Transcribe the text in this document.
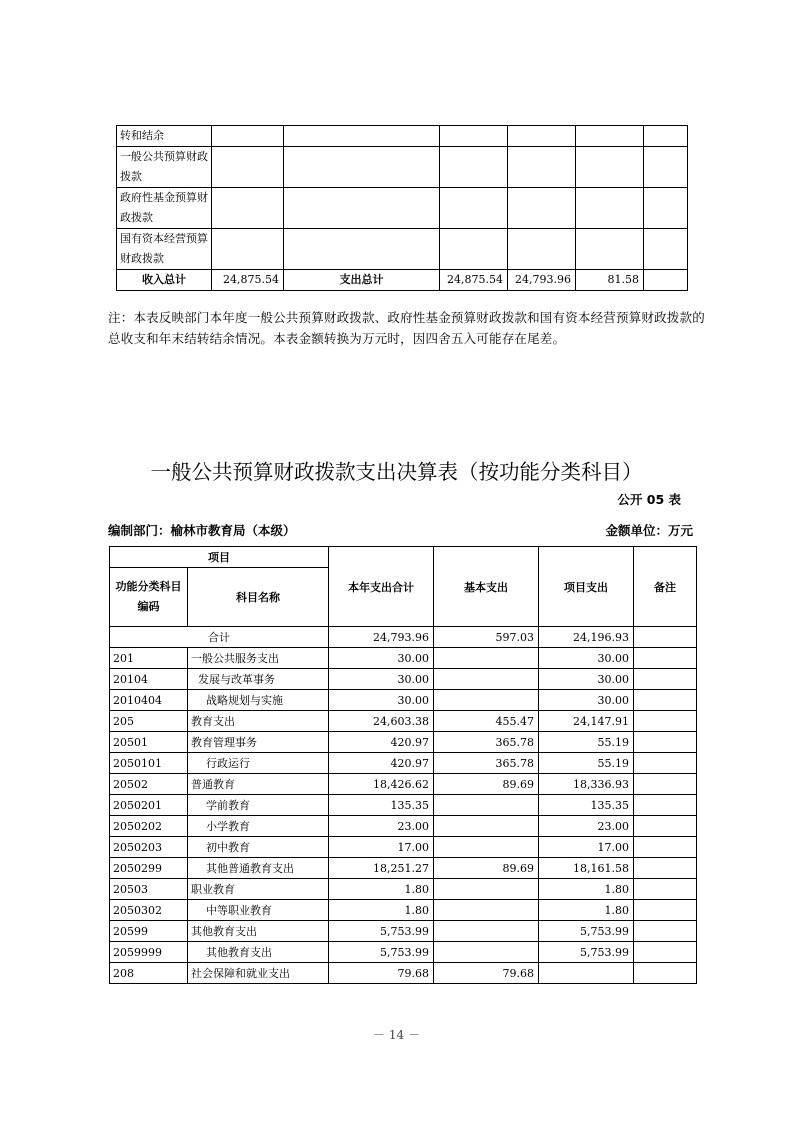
转和结余						
一般公共预算财政拨款						
政府性基金预算财政拨款						
国有资本经营预算财政拨款						
收入总计	24,875.54	支出总计	24,875.54	24,793.96	81.58	
注：本表反映部门本年度一般公共预算财政拨款、政府性基金预算财政拨款和国有资本经营预算财政拨款的总收支和年末结转结余情况。本表金额转换为万元时，因四舍五入可能存在尾差。
一般公共预算财政拨款支出决算表（按功能分类科目）
公开 05 表
编制部门：榆林市教育局（本级）	金额单位：万元
项目		本年支出合计	基本支出	项目支出	备注
功能分类科目编码	科目名称				

合计		24,793.96	597.03	24,196.93	
201	一般公共服务支出	30.00		30.00	
20104	发展与改革事务	30.00		30.00	
2010404	战略规划与实施	30.00		30.00	
205	教育支出	24,603.38	455.47	24,147.91	
20501	教育管理事务	420.97	365.78	55.19	
2050101	行政运行	420.97	365.78	55.19	
20502	普通教育	18,426.62	89.69	18,336.93	
2050201	学前教育	135.35		135.35	
2050202	小学教育	23.00		23.00	
2050203	初中教育	17.00		17.00	
2050299	其他普通教育支出	18,251.27	89.69	18,161.58	
20503	职业教育	1.80		1.80	
2050302	中等职业教育	1.80		1.80	
20599	其他教育支出	5,753.99		5,753.99	
2059999	其他教育支出	5,753.99		5,753.99	
208	社会保障和就业支出	79.68	79.68		
－ 14 －
